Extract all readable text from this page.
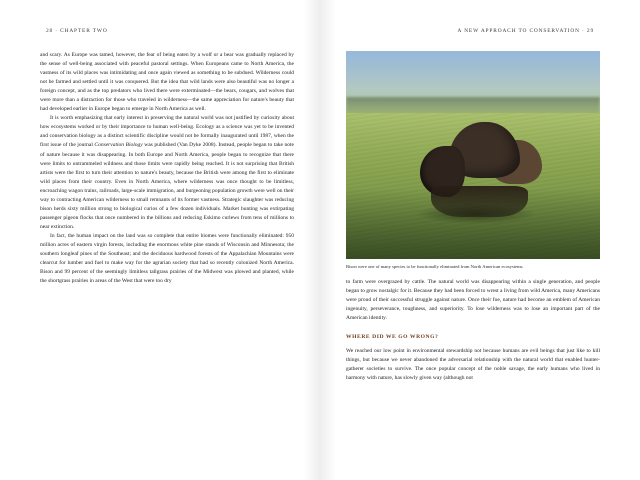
28 · CHAPTER TWO

and scary. As Europe was tamed, however, the fear of being eaten by a wolf or a bear was gradually replaced by the sense of well-being associated with peaceful pastoral settings. When Europeans came to North America, the vastness of its wild places was intimidating and once again viewed as something to be subdued. Wilderness could not be farmed and settled until it was conquered. But the idea that wild lands were also beautiful was no longer a foreign concept, and as the top predators who lived there were exterminated—the bears, cougars, and wolves that were more than a distraction for those who traveled in wilderness—the same appreciation for nature's beauty that had developed earlier in Europe began to emerge in North America as well.

It is worth emphasizing that early interest in preserving the natural world was not justified by curiosity about how ecosystems worked or by their importance to human well-being. Ecology as a science was yet to be invented and conservation biology as a distinct scientific discipline would not be formally inaugurated until 1987, when the first issue of the journal Conservation Biology was published (Van Dyke 2008). Instead, people began to take note of nature because it was disappearing. In both Europe and North America, people began to recognize that there were limits to untrammeled wildness and those limits were rapidly being reached. It is not surprising that British artists were the first to turn their attention to nature's beauty, because the British were among the first to eliminate wild places from their country. Even in North America, where wilderness was once thought to be limitless, encroaching wagon trains, railroads, large-scale immigration, and burgeoning population growth were well on their way to contracting American wilderness to small remnants of its former vastness. Strategic slaughter was reducing bison herds sixty million strong to biological curios of a few dozen individuals. Market hunting was extirpating passenger pigeon flocks that once numbered in the billions and reducing Eskimo curlews from tens of millions to near extinction.

In fact, the human impact on the land was so complete that entire biomes were functionally eliminated: 950 million acres of eastern virgin forests, including the enormous white pine stands of Wisconsin and Minnesota; the southern longleaf pines of the Southeast; and the deciduous hardwood forests of the Appalachian Mountains were clearcut for lumber and fuel to make way for the agrarian society that had so recently colonized North America. Bison and 99 percent of the seemingly limitless tallgrass prairies of the Midwest was plowed and planted, while the shortgrass prairies in areas of the West that were too dry

A NEW APPROACH TO CONSERVATION · 29
Bison were one of many species to be functionally eliminated from North American ecosystems.

to farm were overgrazed by cattle. The natural world was disappearing within a single generation, and people began to grow nostalgic for it. Because they had been forced to wrest a living from wild America, many Americans were proud of their successful struggle against nature. Once their foe, nature had become an emblem of American ingenuity, perseverance, toughness, and superiority. To lose wilderness was to lose an important part of the American identity.

WHERE DID WE GO WRONG?

We reached our low point in environmental stewardship not because humans are evil beings that just like to kill things, but because we never abandoned the adversarial relationship with the natural world that enabled hunter-gatherer societies to survive. The once popular concept of the noble savage, the early humans who lived in harmony with nature, has slowly given way (although not
